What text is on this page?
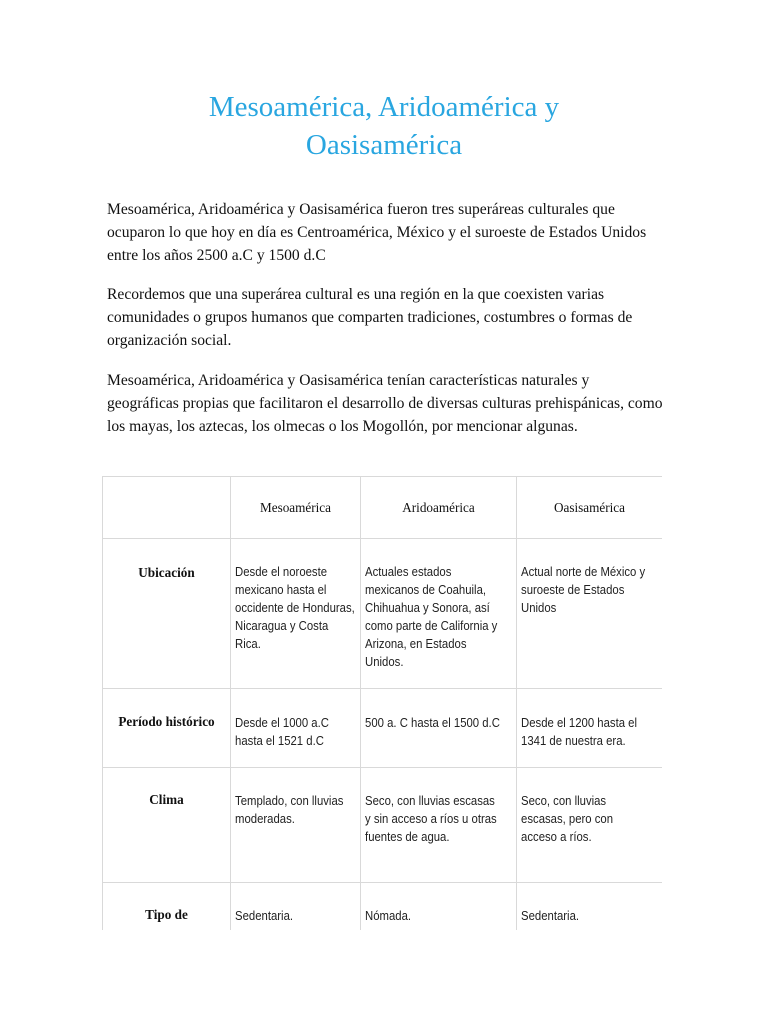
Mesoamérica, Aridoamérica y Oasisamérica

Mesoamérica, Aridoamérica y Oasisamérica fueron tres superáreas culturales que ocuparon lo que hoy en día es Centroamérica, México y el suroeste de Estados Unidos entre los años 2500 a.C y 1500 d.C

Recordemos que una superárea cultural es una región en la que coexisten varias comunidades o grupos humanos que comparten tradiciones, costumbres o formas de organización social.

Mesoamérica, Aridoamérica y Oasisamérica tenían características naturales y geográficas propias que facilitaron el desarrollo de diversas culturas prehispánicas, como los mayas, los aztecas, los olmecas o los Mogollón, por mencionar algunas.

	Mesoamérica	Aridoamérica	Oasisamérica

Ubicación	Desde el noroeste mexicano hasta el occidente de Honduras, Nicaragua y Costa Rica.	Actuales estados mexicanos de Coahuila, Chihuahua y Sonora, así como parte de California y Arizona, en Estados Unidos.	Actual norte de México y suroeste de Estados Unidos

Período histórico	Desde el 1000 a.C hasta el 1521 d.C	500 a. C hasta el 1500 d.C	Desde el 1200 hasta el 1341 de nuestra era.

Clima	Templado, con lluvias moderadas.	Seco, con lluvias escasas y sin acceso a ríos u otras fuentes de agua.	Seco, con lluvias escasas, pero con acceso a ríos.

Tipo de	Sedentaria.	Nómada.	Sedentaria.
